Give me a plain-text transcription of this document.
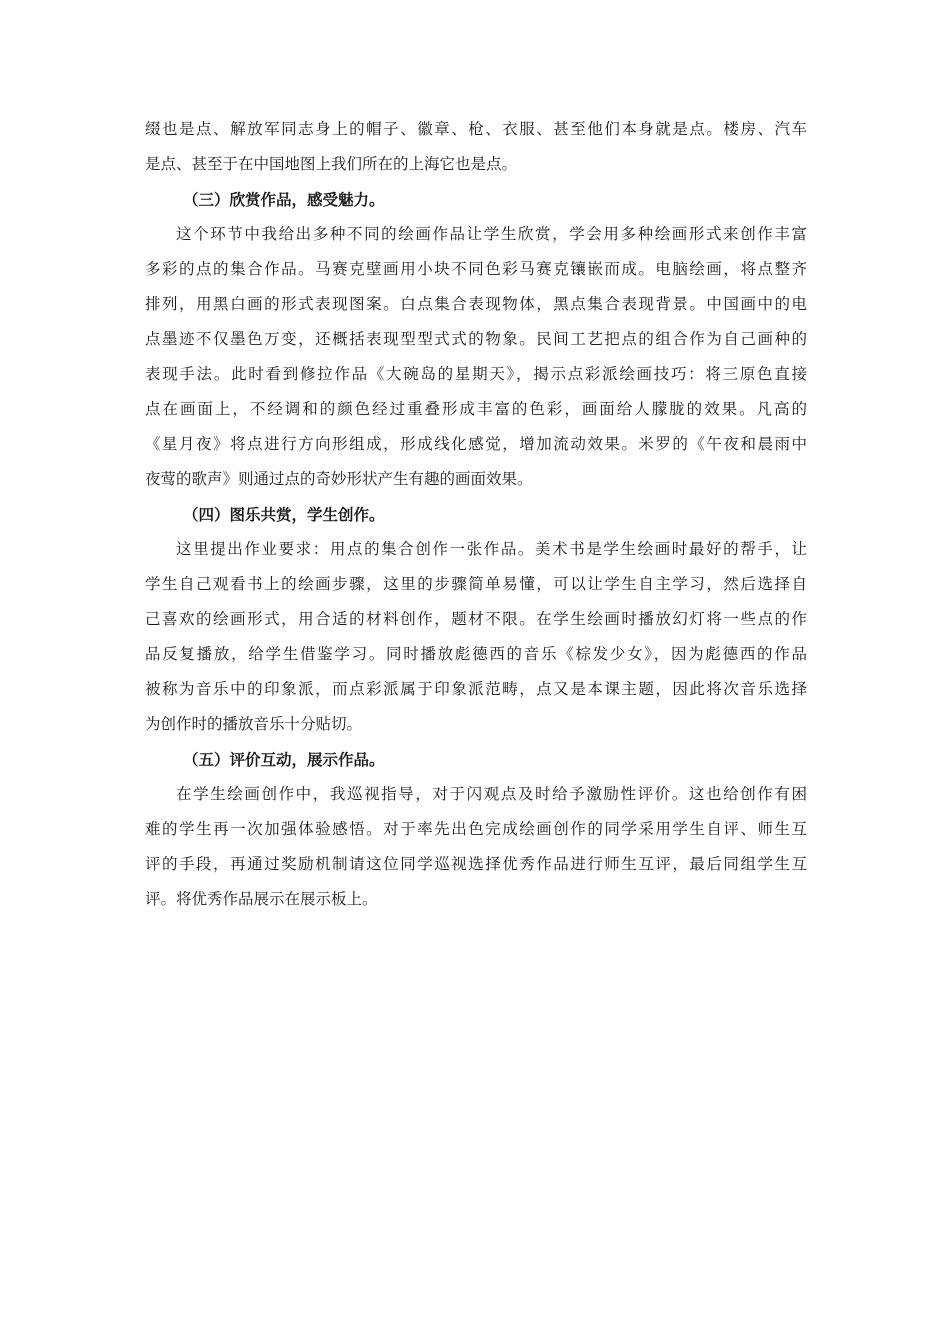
缀也是点、解放军同志身上的帽子、徽章、枪、衣服、甚至他们本身就是点。楼房、汽车
是点、甚至于在中国地图上我们所在的上海它也是点。
（三）欣赏作品，感受魅力。
这个环节中我给出多种不同的绘画作品让学生欣赏，学会用多种绘画形式来创作丰富
多彩的点的集合作品。马赛克壁画用小块不同色彩马赛克镶嵌而成。电脑绘画，将点整齐
排列，用黑白画的形式表现图案。白点集合表现物体，黑点集合表现背景。中国画中的电
点墨迹不仅墨色万变，还概括表现型型式式的物象。民间工艺把点的组合作为自己画种的
表现手法。此时看到修拉作品《大碗岛的星期天》，揭示点彩派绘画技巧：将三原色直接
点在画面上，不经调和的颜色经过重叠形成丰富的色彩，画面给人朦胧的效果。凡高的
《星月夜》将点进行方向形组成，形成线化感觉，增加流动效果。米罗的《午夜和晨雨中
夜莺的歌声》则通过点的奇妙形状产生有趣的画面效果。
（四）图乐共赏，学生创作。
这里提出作业要求：用点的集合创作一张作品。美术书是学生绘画时最好的帮手，让
学生自己观看书上的绘画步骤，这里的步骤简单易懂，可以让学生自主学习，然后选择自
己喜欢的绘画形式，用合适的材料创作，题材不限。在学生绘画时播放幻灯将一些点的作
品反复播放，给学生借鉴学习。同时播放彪德西的音乐《棕发少女》，因为彪德西的作品
被称为音乐中的印象派，而点彩派属于印象派范畴，点又是本课主题，因此将次音乐选择
为创作时的播放音乐十分贴切。
（五）评价互动，展示作品。
在学生绘画创作中，我巡视指导，对于闪观点及时给予激励性评价。这也给创作有困
难的学生再一次加强体验感悟。对于率先出色完成绘画创作的同学采用学生自评、师生互
评的手段，再通过奖励机制请这位同学巡视选择优秀作品进行师生互评，最后同组学生互
评。将优秀作品展示在展示板上。
